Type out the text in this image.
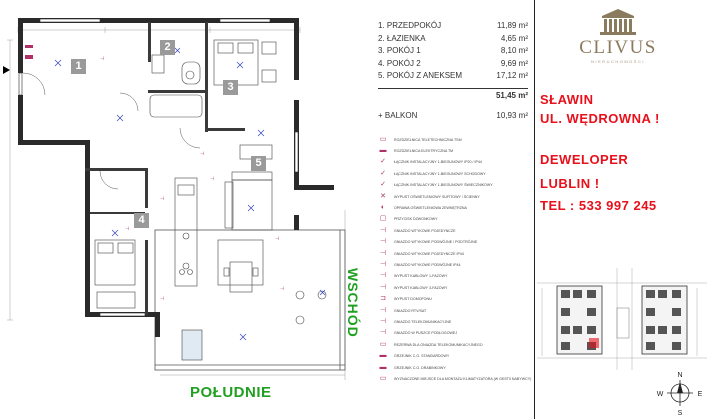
⊣
⊣
⊣
⊣
⊣
⊣
⊣
⊣
1
2
3
4
5
POŁUDNIE
WSCHÓD
1. PRZEDPOKÓJ	11,89 m²
2. ŁAZIENKA	4,65 m²
3. POKÓJ 1	8,10 m²
4. POKÓJ 2	9,69 m²
5. POKÓJ Z ANEKSEM	17,12 m²
51,45 m²
+ BALKON	10,93 m²
▭	ROZDZIELNICA TELETECHNICZNA TSM
▬	ROZDZIELNICA ELEKTRYCZNA TM
✓	ŁĄCZNIK INSTALACYJNY 1-BIEGUNOWY IP20 / IP44
✓	ŁĄCZNIK INSTALACYJNY 1-BIEGUNOWY SCHODOWY
✓	ŁĄCZNIK INSTALACYJNY 1-BIEGUNOWY ŚWIECZNIKOWY
✕	WYPUST OŚWIETLENIOWY SUFITOWY / ŚCIENNY
◐	OPRAWA OŚWIETLENIOWA ZEWNĘTRZNA
▢	PRZYCISK DZWONKOWY
⊣	GNIAZDO WTYKOWE POJEDYNCZE
⊣	GNIAZDO WTYKOWE PODWÓJNE / PODTRÓJNE
⊣	GNIAZDO WTYKOWE POJEDYNCZE IP44
⊣	GNIAZDO WTYKOWE PODWÓJNE IP44
⊣	WYPUST KABLOWY 1-FAZOWY
⊣	WYPUST KABLOWY 3-FAZOWY
⊐	WYPUST DOMOFONU
⊣	GNIAZDO RTV/SAT
⊣	GNIAZDO TELEKOMUNIKACYJNE
⊣	GNIAZDO W PUSZCE PODŁOGOWEJ
▭	REZERWA DLA GNIAZDA TELEKOMUNIKACYJNEGO
▬	GRZEJNIK C.O. STANDARDOWY
▬	GRZEJNIK C.O. DRABINKOWY
▭	WYZNACZONE MIEJSCE DLA MONTAŻU KLIMATYZATORA (W GESTII NABYWCY)
CLIVUS
NIERUCHOMOŚCI
SŁAWIN
UL. WĘDROWNA !
DEWELOPER
LUBLIN !
TEL : 533 997 245
N
S
W	E
